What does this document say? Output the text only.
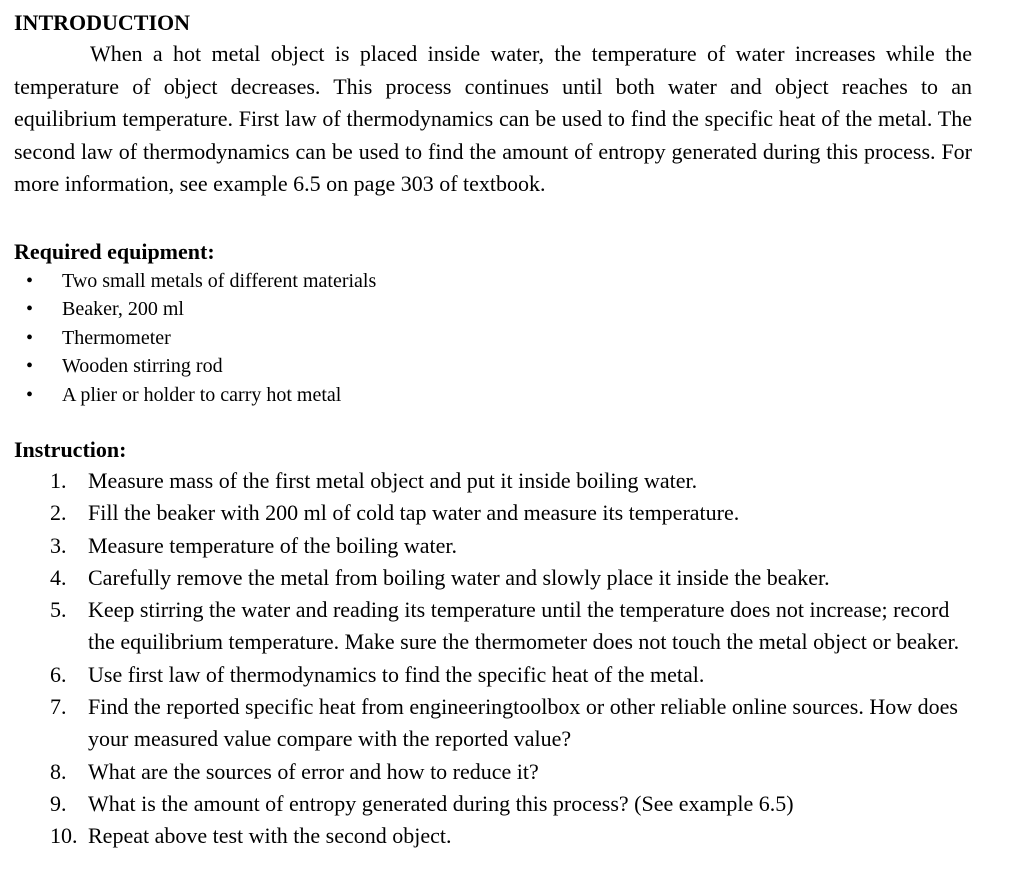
INTRODUCTION

When a hot metal object is placed inside water, the temperature of water increases while the temperature of object decreases. This process continues until both water and object reaches to an equilibrium temperature. First law of thermodynamics can be used to find the specific heat of the metal. The second law of thermodynamics can be used to find the amount of entropy generated during this process. For more information, see example 6.5 on page 303 of textbook.

Required equipment:
• Two small metals of different materials
• Beaker, 200 ml
• Thermometer
• Wooden stirring rod
• A plier or holder to carry hot metal
Instruction:
1. Measure mass of the first metal object and put it inside boiling water.
2. Fill the beaker with 200 ml of cold tap water and measure its temperature.
3. Measure temperature of the boiling water.
4. Carefully remove the metal from boiling water and slowly place it inside the beaker.
5. Keep stirring the water and reading its temperature until the temperature does not increase; record the equilibrium temperature. Make sure the thermometer does not touch the metal object or beaker.
6. Use first law of thermodynamics to find the specific heat of the metal.
7. Find the reported specific heat from engineeringtoolbox or other reliable online sources. How does your measured value compare with the reported value?
8. What are the sources of error and how to reduce it?
9. What is the amount of entropy generated during this process? (See example 6.5)
10. Repeat above test with the second object.
